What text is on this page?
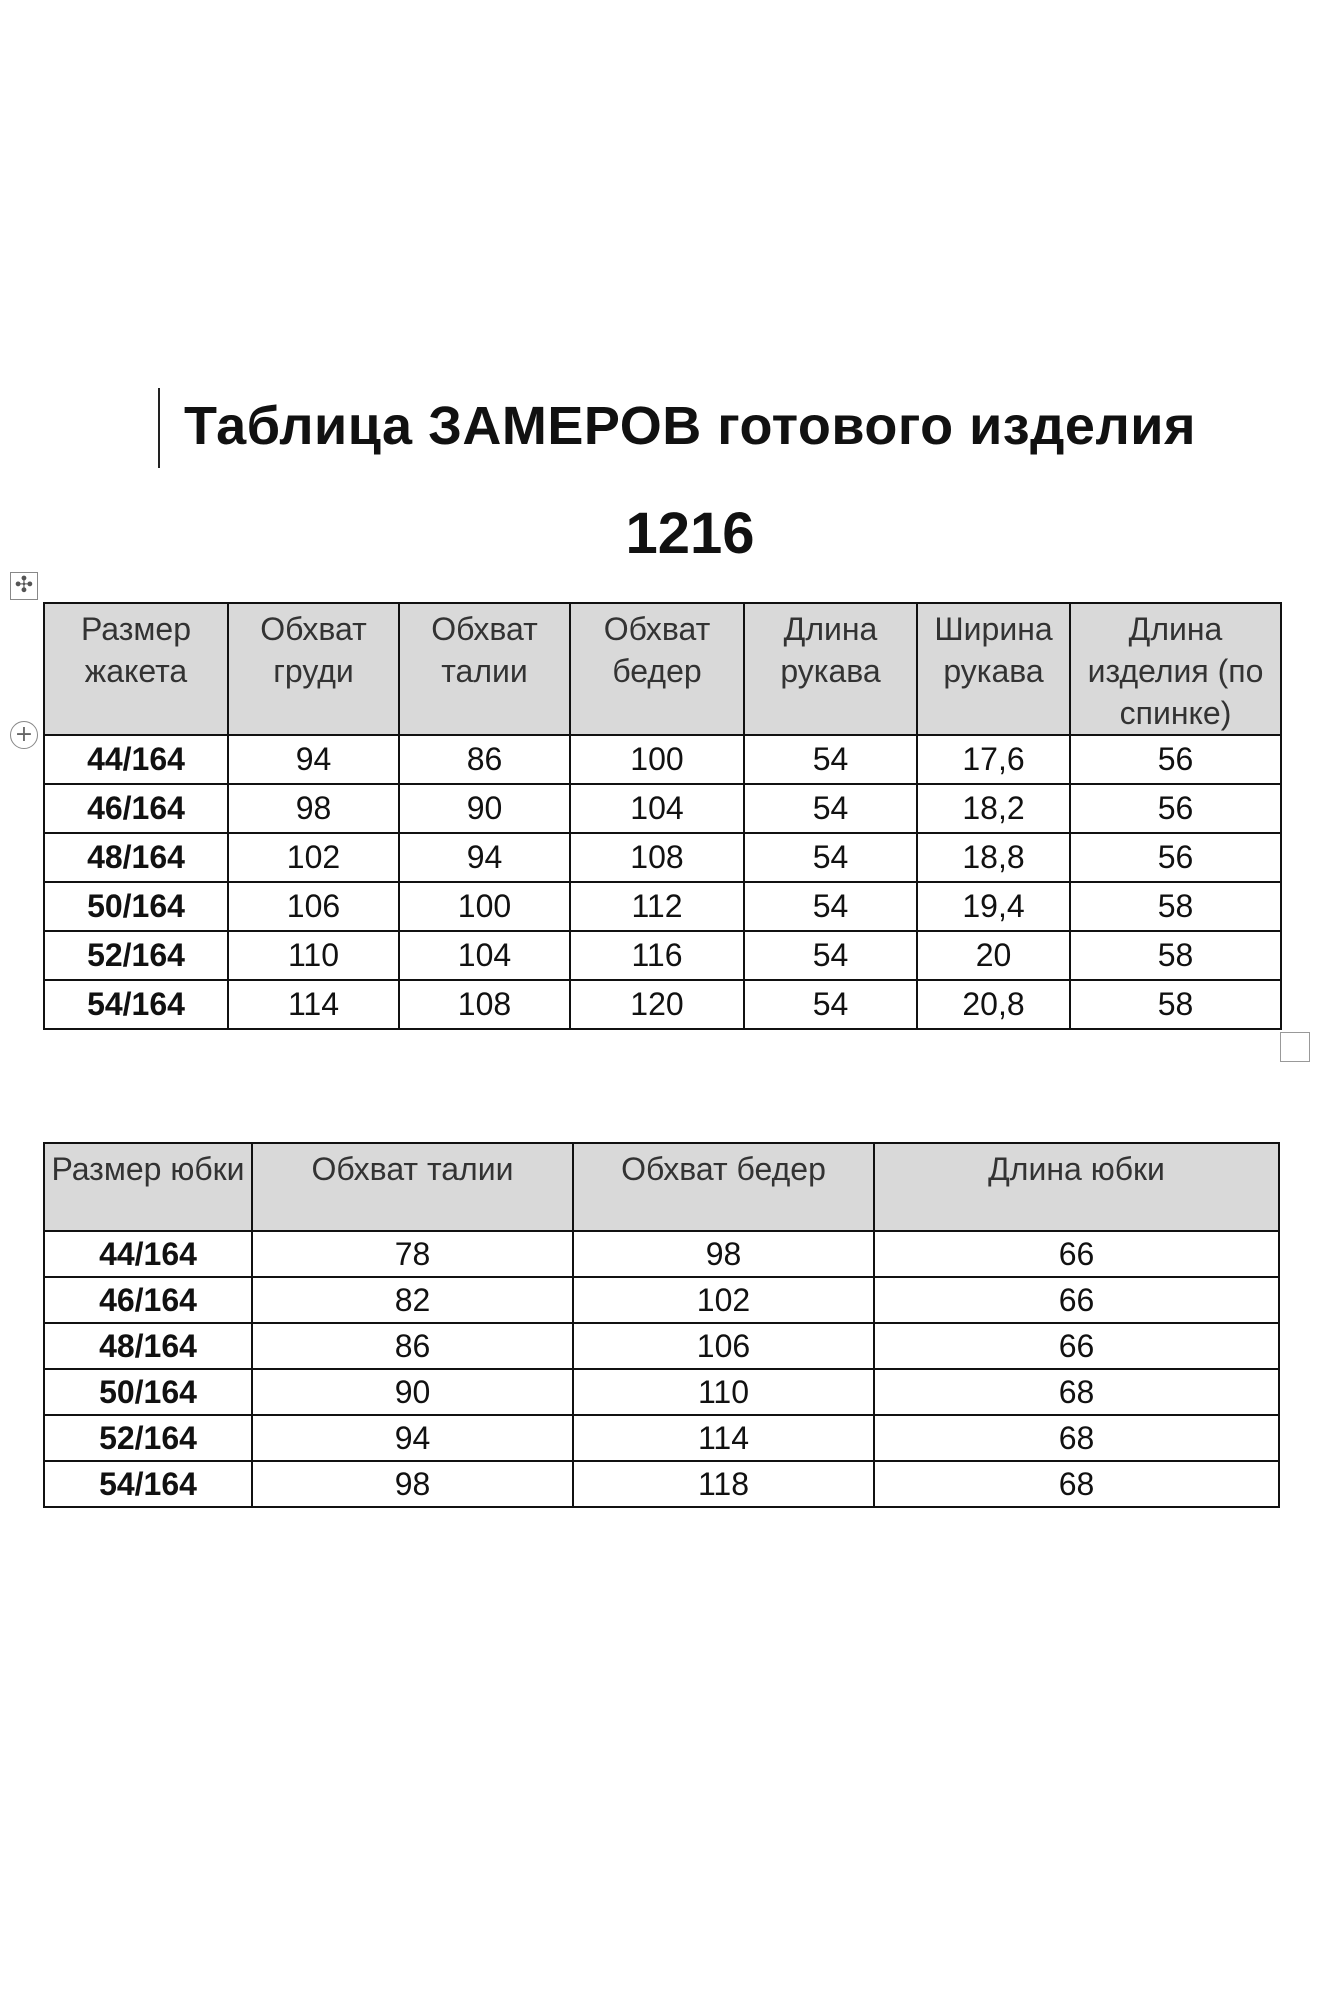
Таблица ЗАМЕРОВ готового изделия
1216
✣
+
Размер жакета	Обхват груди	Обхват талии	Обхват бедер	Длина рукава	Ширина рукава	Длина изделия (по спинке)
44/164	94	86	100	54	17,6	56
46/164	98	90	104	54	18,2	56
48/164	102	94	108	54	18,8	56
50/164	106	100	112	54	19,4	58
52/164	110	104	116	54	20	58
54/164	114	108	120	54	20,8	58
Размер юбки	Обхват талии	Обхват бедер	Длина юбки
44/164	78	98	66
46/164	82	102	66
48/164	86	106	66
50/164	90	110	68
52/164	94	114	68
54/164	98	118	68
